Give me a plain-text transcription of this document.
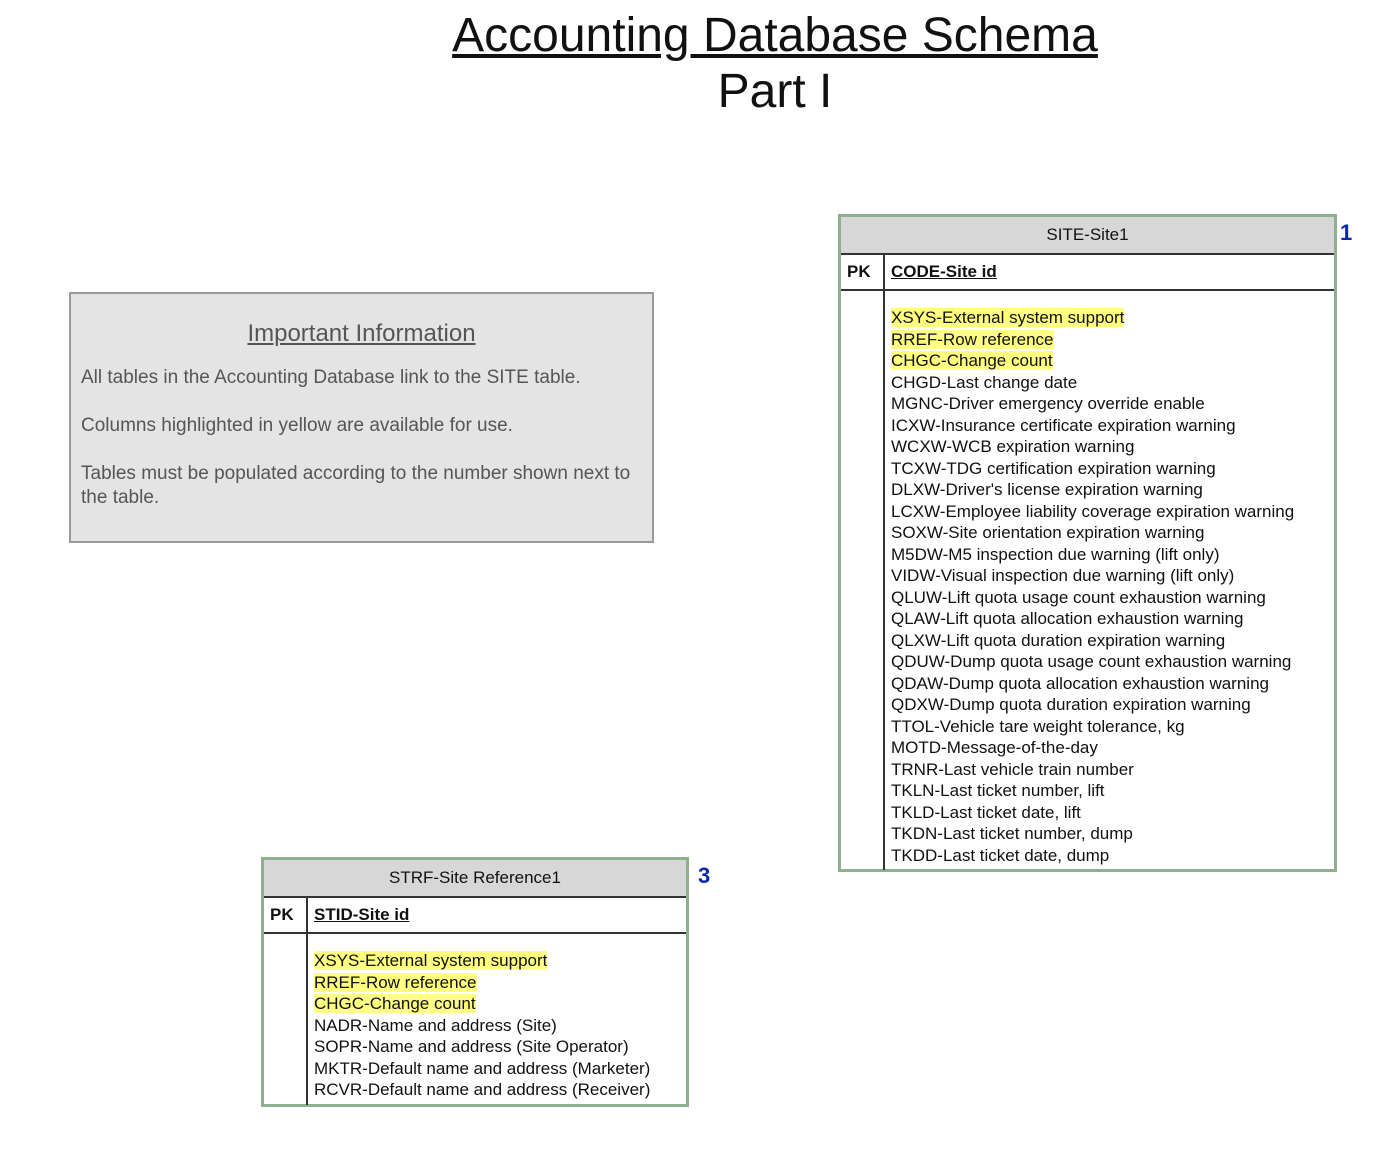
Accounting Database Schema
Part I
Important Information
All tables in the Accounting Database link to the SITE table.
Columns highlighted in yellow are available for use.
Tables must be populated according to the number shown next to the table.
SITE-Site1
PK	CODE-Site id
XSYS-External system support
RREF-Row reference
CHGC-Change count
CHGD-Last change date
MGNC-Driver emergency override enable
ICXW-Insurance certificate expiration warning
WCXW-WCB expiration warning
TCXW-TDG certification expiration warning
DLXW-Driver's license expiration warning
LCXW-Employee liability coverage expiration warning
SOXW-Site orientation expiration warning
M5DW-M5 inspection due warning (lift only)
VIDW-Visual inspection due warning (lift only)
QLUW-Lift quota usage count exhaustion warning
QLAW-Lift quota allocation exhaustion warning
QLXW-Lift quota duration expiration warning
QDUW-Dump quota usage count exhaustion warning
QDAW-Dump quota allocation exhaustion warning
QDXW-Dump quota duration expiration warning
TTOL-Vehicle tare weight tolerance, kg
MOTD-Message-of-the-day
TRNR-Last vehicle train number
TKLN-Last ticket number, lift
TKLD-Last ticket date, lift
TKDN-Last ticket number, dump
TKDD-Last ticket date, dump
1
STRF-Site Reference1
PK	STID-Site id
XSYS-External system support
RREF-Row reference
CHGC-Change count
NADR-Name and address (Site)
SOPR-Name and address (Site Operator)
MKTR-Default name and address (Marketer)
RCVR-Default name and address (Receiver)
3
